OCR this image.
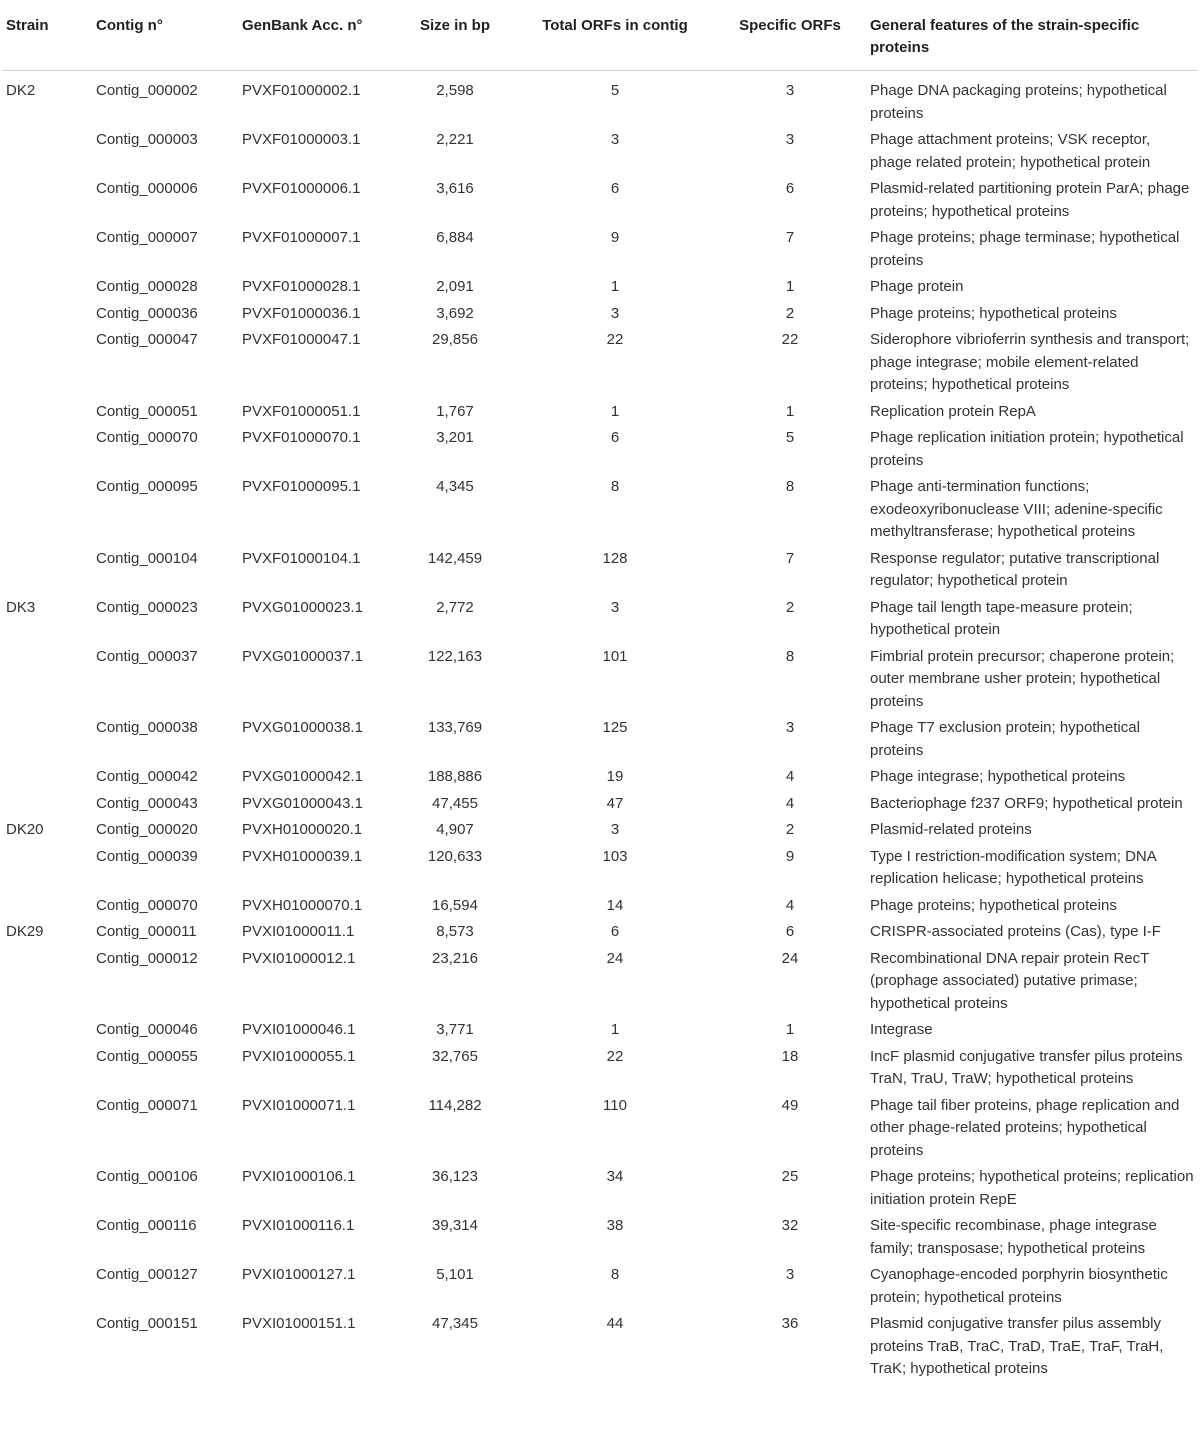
Strain	Contig n°	GenBank Acc. n°	Size in bp	Total ORFs in contig	Specific ORFs	General features of the strain-specific proteins
DK2	Contig_000002	PVXF01000002.1	2,598	5	3	Phage DNA packaging proteins; hypothetical proteins
	Contig_000003	PVXF01000003.1	2,221	3	3	Phage attachment proteins; VSK receptor, phage related protein; hypothetical protein
	Contig_000006	PVXF01000006.1	3,616	6	6	Plasmid-related partitioning protein ParA; phage proteins; hypothetical proteins
	Contig_000007	PVXF01000007.1	6,884	9	7	Phage proteins; phage terminase; hypothetical proteins
	Contig_000028	PVXF01000028.1	2,091	1	1	Phage protein
	Contig_000036	PVXF01000036.1	3,692	3	2	Phage proteins; hypothetical proteins
	Contig_000047	PVXF01000047.1	29,856	22	22	Siderophore vibrioferrin synthesis and transport; phage integrase; mobile element-related proteins; hypothetical proteins
	Contig_000051	PVXF01000051.1	1,767	1	1	Replication protein RepA
	Contig_000070	PVXF01000070.1	3,201	6	5	Phage replication initiation protein; hypothetical proteins
	Contig_000095	PVXF01000095.1	4,345	8	8	Phage anti-termination functions; exodeoxyribonuclease VIII; adenine-specific methyltransferase; hypothetical proteins
	Contig_000104	PVXF01000104.1	142,459	128	7	Response regulator; putative transcriptional regulator; hypothetical protein
DK3	Contig_000023	PVXG01000023.1	2,772	3	2	Phage tail length tape-measure protein; hypothetical protein
	Contig_000037	PVXG01000037.1	122,163	101	8	Fimbrial protein precursor; chaperone protein; outer membrane usher protein; hypothetical proteins
	Contig_000038	PVXG01000038.1	133,769	125	3	Phage T7 exclusion protein; hypothetical proteins
	Contig_000042	PVXG01000042.1	188,886	19	4	Phage integrase; hypothetical proteins
	Contig_000043	PVXG01000043.1	47,455	47	4	Bacteriophage f237 ORF9; hypothetical protein
DK20	Contig_000020	PVXH01000020.1	4,907	3	2	Plasmid-related proteins
	Contig_000039	PVXH01000039.1	120,633	103	9	Type I restriction-modification system; DNA replication helicase; hypothetical proteins
	Contig_000070	PVXH01000070.1	16,594	14	4	Phage proteins; hypothetical proteins
DK29	Contig_000011	PVXI01000011.1	8,573	6	6	CRISPR-associated proteins (Cas), type I-F
	Contig_000012	PVXI01000012.1	23,216	24	24	Recombinational DNA repair protein RecT (prophage associated) putative primase; hypothetical proteins
	Contig_000046	PVXI01000046.1	3,771	1	1	Integrase
	Contig_000055	PVXI01000055.1	32,765	22	18	IncF plasmid conjugative transfer pilus proteins TraN, TraU, TraW; hypothetical proteins
	Contig_000071	PVXI01000071.1	114,282	110	49	Phage tail fiber proteins, phage replication and other phage-related proteins; hypothetical proteins
	Contig_000106	PVXI01000106.1	36,123	34	25	Phage proteins; hypothetical proteins; replication initiation protein RepE
	Contig_000116	PVXI01000116.1	39,314	38	32	Site-specific recombinase, phage integrase family; transposase; hypothetical proteins
	Contig_000127	PVXI01000127.1	5,101	8	3	Cyanophage-encoded porphyrin biosynthetic protein; hypothetical proteins
	Contig_000151	PVXI01000151.1	47,345	44	36	Plasmid conjugative transfer pilus assembly proteins TraB, TraC, TraD, TraE, TraF, TraH, TraK; hypothetical proteins
